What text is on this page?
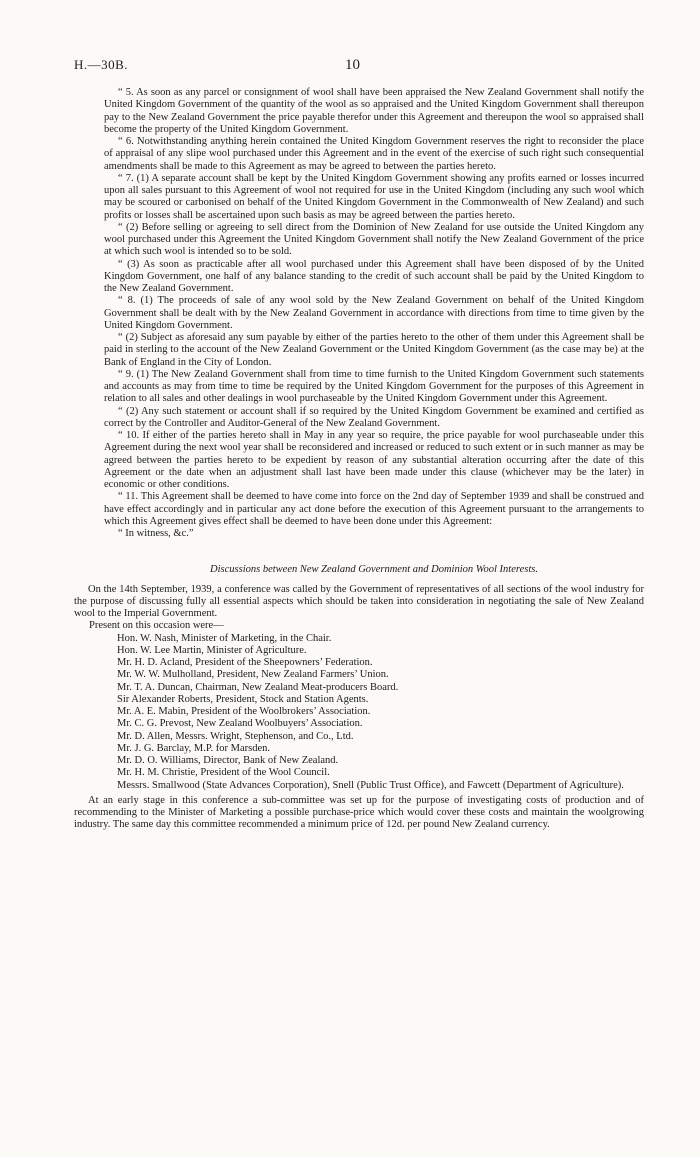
H.—30B.	10

“ 5. As soon as any parcel or consignment of wool shall have been appraised the New Zealand Government shall notify the United Kingdom Government of the quantity of the wool as so appraised and the United Kingdom Government shall thereupon pay to the New Zealand Government the price payable therefor under this Agreement and thereupon the wool so appraised shall become the property of the United Kingdom Government.

“ 6. Notwithstanding anything herein contained the United Kingdom Government reserves the right to reconsider the place of appraisal of any slipe wool purchased under this Agreement and in the event of the exercise of such right such consequential amendments shall be made to this Agreement as may be agreed to between the parties hereto.

“ 7. (1) A separate account shall be kept by the United Kingdom Government showing any profits earned or losses incurred upon all sales pursuant to this Agreement of wool not required for use in the United Kingdom (including any such wool which may be scoured or carbonised on behalf of the United Kingdom Government in the Commonwealth of New Zealand) and such profits or losses shall be ascertained upon such basis as may be agreed between the parties hereto.

“ (2) Before selling or agreeing to sell direct from the Dominion of New Zealand for use outside the United Kingdom any wool purchased under this Agreement the United Kingdom Government shall notify the New Zealand Government of the price at which such wool is intended so to be sold.

“ (3) As soon as practicable after all wool purchased under this Agreement shall have been disposed of by the United Kingdom Government, one half of any balance standing to the credit of such account shall be paid by the United Kingdom to the New Zealand Government.

“ 8. (1) The proceeds of sale of any wool sold by the New Zealand Government on behalf of the United Kingdom Government shall be dealt with by the New Zealand Government in accordance with directions from time to time given by the United Kingdom Government.

“ (2) Subject as aforesaid any sum payable by either of the parties hereto to the other of them under this Agreement shall be paid in sterling to the account of the New Zealand Government or the United Kingdom Government (as the case may be) at the Bank of England in the City of London.

“ 9. (1) The New Zealand Government shall from time to time furnish to the United Kingdom Government such statements and accounts as may from time to time be required by the United Kingdom Government for the purposes of this Agreement in relation to all sales and other dealings in wool purchaseable by the United Kingdom Government under this Agreement.

“ (2) Any such statement or account shall if so required by the United Kingdom Government be examined and certified as correct by the Controller and Auditor-General of the New Zealand Government.

“ 10. If either of the parties hereto shall in May in any year so require, the price payable for wool purchaseable under this Agreement during the next wool year shall be reconsidered and increased or reduced to such extent or in such manner as may be agreed between the parties hereto to be expedient by reason of any substantial alteration occurring after the date of this Agreement or the date when an adjustment shall last have been made under this clause (whichever may be the later) in economic or other conditions.

“ 11. This Agreement shall be deemed to have come into force on the 2nd day of September 1939 and shall be construed and have effect accordingly and in particular any act done before the execution of this Agreement pursuant to the arrangements to which this Agreement gives effect shall be deemed to have been done under this Agreement:

“ In witness, &c.”

Discussions between New Zealand Government and Dominion Wool Interests.

On the 14th September, 1939, a conference was called by the Government of representatives of all sections of the wool industry for the purpose of discussing fully all essential aspects which should be taken into consideration in negotiating the sale of New Zealand wool to the Imperial Government.

Present on this occasion were—

Hon. W. Nash, Minister of Marketing, in the Chair.
Hon. W. Lee Martin, Minister of Agriculture.
Mr. H. D. Acland, President of the Sheepowners’ Federation.
Mr. W. W. Mulholland, President, New Zealand Farmers’ Union.
Mr. T. A. Duncan, Chairman, New Zealand Meat-producers Board.
Sir Alexander Roberts, President, Stock and Station Agents.
Mr. A. E. Mabin, President of the Woolbrokers’ Association.
Mr. C. G. Prevost, New Zealand Woolbuyers’ Association.
Mr. D. Allen, Messrs. Wright, Stephenson, and Co., Ltd.
Mr. J. G. Barclay, M.P. for Marsden.
Mr. D. O. Williams, Director, Bank of New Zealand.
Mr. H. M. Christie, President of the Wool Council.
Messrs. Smallwood (State Advances Corporation), Snell (Public Trust Office), and Fawcett (Department of Agriculture).

At an early stage in this conference a sub-committee was set up for the purpose of investigating costs of production and of recommending to the Minister of Marketing a possible purchase-price which would cover these costs and maintain the woolgrowing industry. The same day this committee recommended a minimum price of 12d. per pound New Zealand currency.
